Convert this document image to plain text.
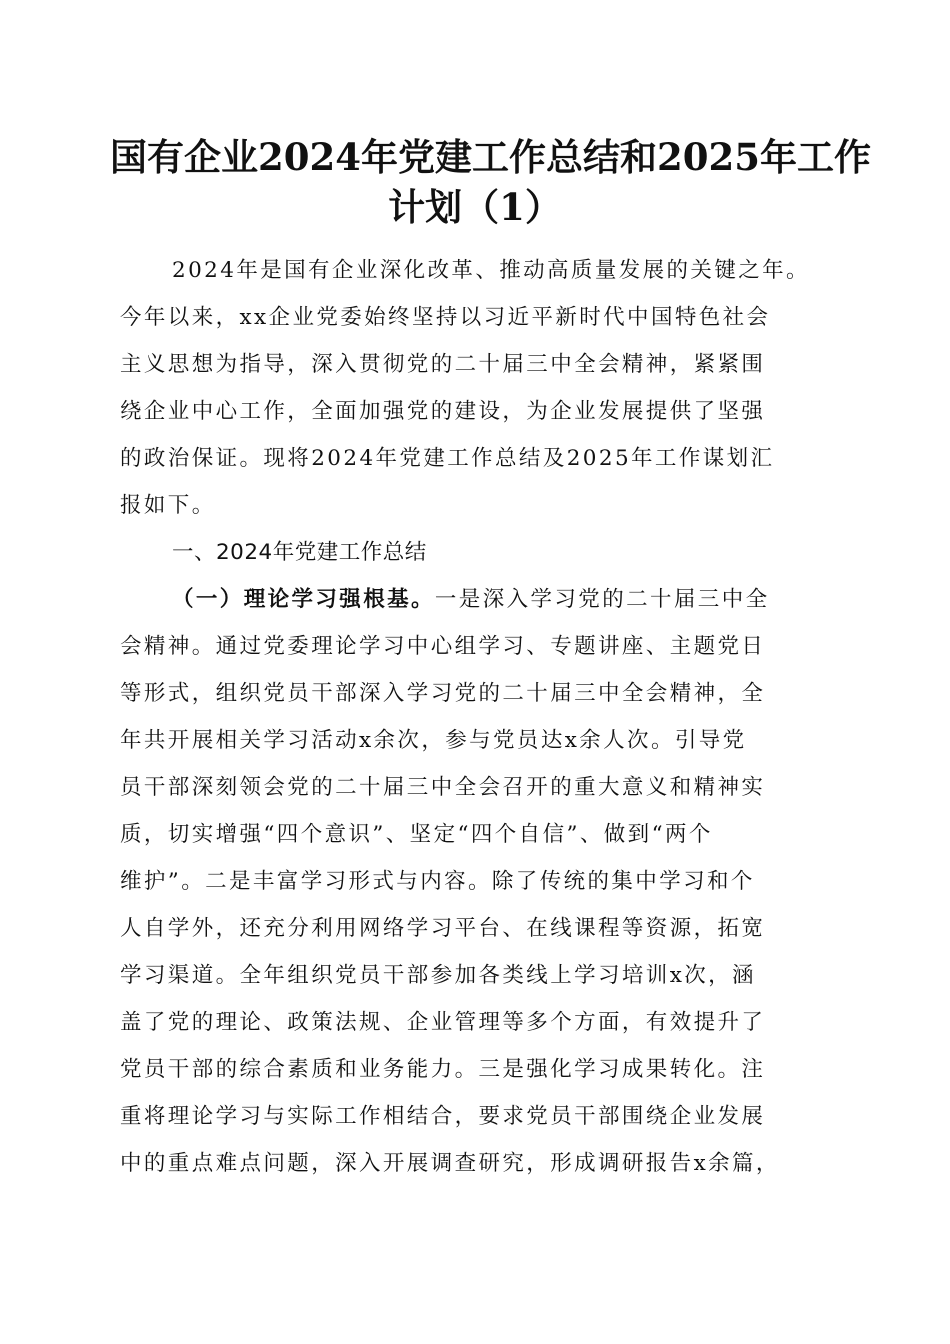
国有企业2024年党建工作总结和2025年工作
计划（1）
2024年是国有企业深化改革、推动高质量发展的关键之年。
今年以来，xx企业党委始终坚持以习近平新时代中国特色社会
主义思想为指导，深入贯彻党的二十届三中全会精神，紧紧围
绕企业中心工作，全面加强党的建设，为企业发展提供了坚强
的政治保证。现将2024年党建工作总结及2025年工作谋划汇
报如下。
一、2024年党建工作总结
（一）理论学习强根基。一是深入学习党的二十届三中全
会精神。通过党委理论学习中心组学习、专题讲座、主题党日
等形式，组织党员干部深入学习党的二十届三中全会精神，全
年共开展相关学习活动x余次，参与党员达x余人次。引导党
员干部深刻领会党的二十届三中全会召开的重大意义和精神实
质，切实增强“四个意识”、坚定“四个自信”、做到“两个
维护”。二是丰富学习形式与内容。除了传统的集中学习和个
人自学外，还充分利用网络学习平台、在线课程等资源，拓宽
学习渠道。全年组织党员干部参加各类线上学习培训x次，涵
盖了党的理论、政策法规、企业管理等多个方面，有效提升了
党员干部的综合素质和业务能力。三是强化学习成果转化。注
重将理论学习与实际工作相结合，要求党员干部围绕企业发展
中的重点难点问题，深入开展调查研究，形成调研报告x余篇，
